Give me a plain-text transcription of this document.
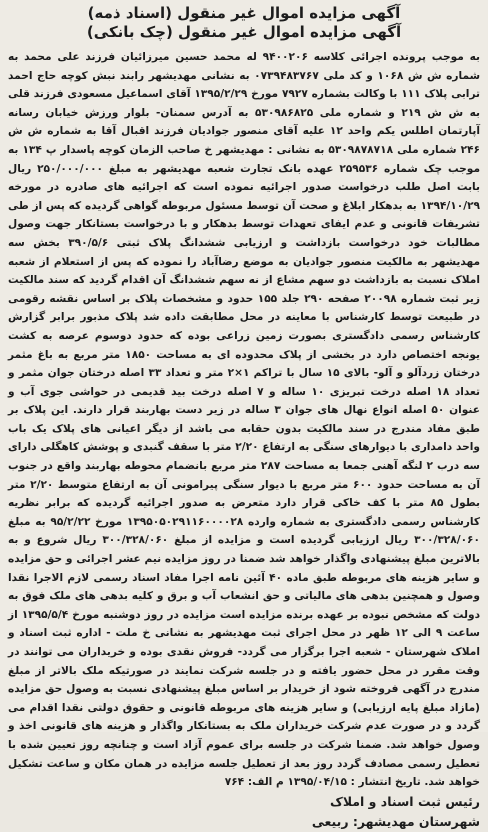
آگهی مزایده اموال غیر منقول (اسناد ذمه)
آگهی مزایده اموال غیر منقول (چک بانکی)

به موجب پرونده اجرائی کلاسه ۹۴۰۰۲۰۶ له محمد حسین میرزائیان فرزند علی محمد به شماره ش ش ۱۰۶۸ و کد ملی ۰۷۳۹۴۸۳۷۶۷ به نشانی مهدیشهر رابند نبش کوچه حاج احمد ترابی پلاک ۱۱۱ با وکالت بشماره ۷۹۲۷ مورخ ۱۳۹۵/۲/۲۹ آقای اسماعیل مسعودی فرزند قلی به ش ش ۲۱۹ و شماره ملی ۵۳۰۹۸۶۸۲۵ به آدرس سمنان- بلوار ورزش خیابان رسانه آپارتمان اطلس یکم واحد ۱۲ علیه آقای منصور جوادیان فرزند اقبال آقا به شماره ش ش ۲۴۶ شماره ملی ۵۳۰۹۸۷۸۷۱۸ به نشانی : مهدیشهر خ صاحب الزمان کوچه پاسدار پ ۱۳۴ به موجب چک شماره ۲۵۹۵۳۶ عهده بانک تجارت شعبه مهدیشهر به مبلغ ۲۵۰/۰۰۰/۰۰۰ ریال بابت اصل طلب درخواست صدور اجرائیه نموده است که اجرائیه های صادره در مورخه ۱۳۹۴/۱۰/۲۹ به بدهکار ابلاغ و صحت آن توسط مسئول مربوطه گواهی گردیده که پس از طی تشریفات قانونی و عدم ایفای تعهدات توسط بدهکار و با درخواست بستانکار جهت وصول مطالبات خود درخواست بازداشت و ارزیابی ششدانگ پلاک ثبتی ۳۹۰/۵/۶ بخش سه مهدیشهر به مالکیت منصور جوادیان به موضع رضاآباد را نموده که پس از استعلام از شعبه املاک نسبت به بازداشت دو سهم مشاع از نه سهم ششدانگ آن اقدام گردید که سند مالکیت زیر ثبت شماره ۲۰۰۹۸ صفحه ۲۹۰ جلد ۱۵۵ حدود و مشخصات پلاک بر اساس نقشه رقومی در طبیعت توسط کارشناس با معاینه در محل مطابقت داده شد پلاک مذبور برابر گزارش کارشناس رسمی دادگستری بصورت زمین زراعی بوده که حدود دوسوم عرصه به کشت یونجه اختصاص دارد در بخشی از پلاک محدوده ای به مساحت ۱۸۵۰ متر مربع به باغ مثمر درختان زردآلو و آلو- بالای ۱۵ سال با تراکم ۱×۲ متر و تعداد ۳۳ اصله درختان جوان مثمر و تعداد ۱۸ اصله درخت تبریزی ۱۰ ساله و ۷ اصله درخت بید قدیمی در حواشی جوی آب و عنوان ۵۰ اصله انواع نهال های جوان ۳ ساله در زیر دست بهاربند قرار دارند. این پلاک بر طبق مفاد مندرج در سند مالکیت بدون حقابه می باشد از دیگر اعیانی های پلاک یک باب واحد دامداری با دیوارهای سنگی به ارتفاع ۲/۲۰ متر با سقف گنبدی و پوشش کاهگلی دارای سه درب ۲ لنگه آهنی جمعا به مساحت ۲۸۷ متر مربع بانضمام محوطه بهاربند واقع در جنوب آن به مساحت حدود ۶۰۰ متر مربع با دیوار سنگی پیرامونی آن به ارتفاع متوسط ۲/۲۰ متر بطول ۸۵ متر با کف خاکی قرار دارد متعرض به صدور اجرائیه گردیده که برابر نظریه کارشناس رسمی دادگستری به شماره وارده ۱۳۹۵۰۵۰۲۹۱۱۶۰۰۰۰۲۸ مورخ ۹۵/۲/۲۲ به مبلغ ۳۰۰/۳۲۸/۰۶۰ ریال ارزیابی گردیده است و مزایده از مبلغ ۳۰۰/۳۲۸/۰۶۰ ریال شروع و به بالاترین مبلغ پیشنهادی واگذار خواهد شد ضمنا در روز مزایده نیم عشر اجرائی و حق مزایده و سایر هزینه های مربوطه طبق ماده ۴۰ آئین نامه اجرا مفاد اسناد رسمی لازم الاجرا نقدا وصول و همچنین بدهی های مالیاتی و حق انشعاب آب و برق و کلیه بدهی های ملک فوق به دولت که مشخص نبوده بر عهده برنده مزایده است مزایده در روز دوشنبه مورخ ۱۳۹۵/۵/۴ از ساعت ۹ الی ۱۲ ظهر در محل اجرای ثبت مهدیشهر به نشانی خ ملت - اداره ثبت اسناد و املاک شهرستان - شعبه اجرا برگزار می گردد- فروش نقدی بوده و خریداران می توانند در وقت مقرر در محل حضور یافته و در جلسه شرکت نمایند در صورتیکه ملک بالاتر از مبلغ مندرج در آگهی فروخته شود از خریدار بر اساس مبلغ پیشنهادی نسبت به وصول حق مزایده (مازاد مبلغ پایه ارزیابی) و سایر هزینه های مربوطه قانونی و حقوق دولتی نقدا اقدام می گردد و در صورت عدم شرکت خریداران ملک به بستانکار واگذار و هزینه های قانونی اخذ و وصول خواهد شد. ضمنا شرکت در جلسه برای عموم آزاد است و چنانچه روز تعیین شده با تعطیل رسمی مصادف گردد روز بعد از تعطیل جلسه مزایده در همان مکان و ساعت تشکیل خواهد شد. تاریخ انتشار : ۱۳۹۵/۰۴/۱۵ م الف: ۷۶۴

رئیس ثبت اسناد و املاک
شهرستان مهدیشهر: ربیعی
